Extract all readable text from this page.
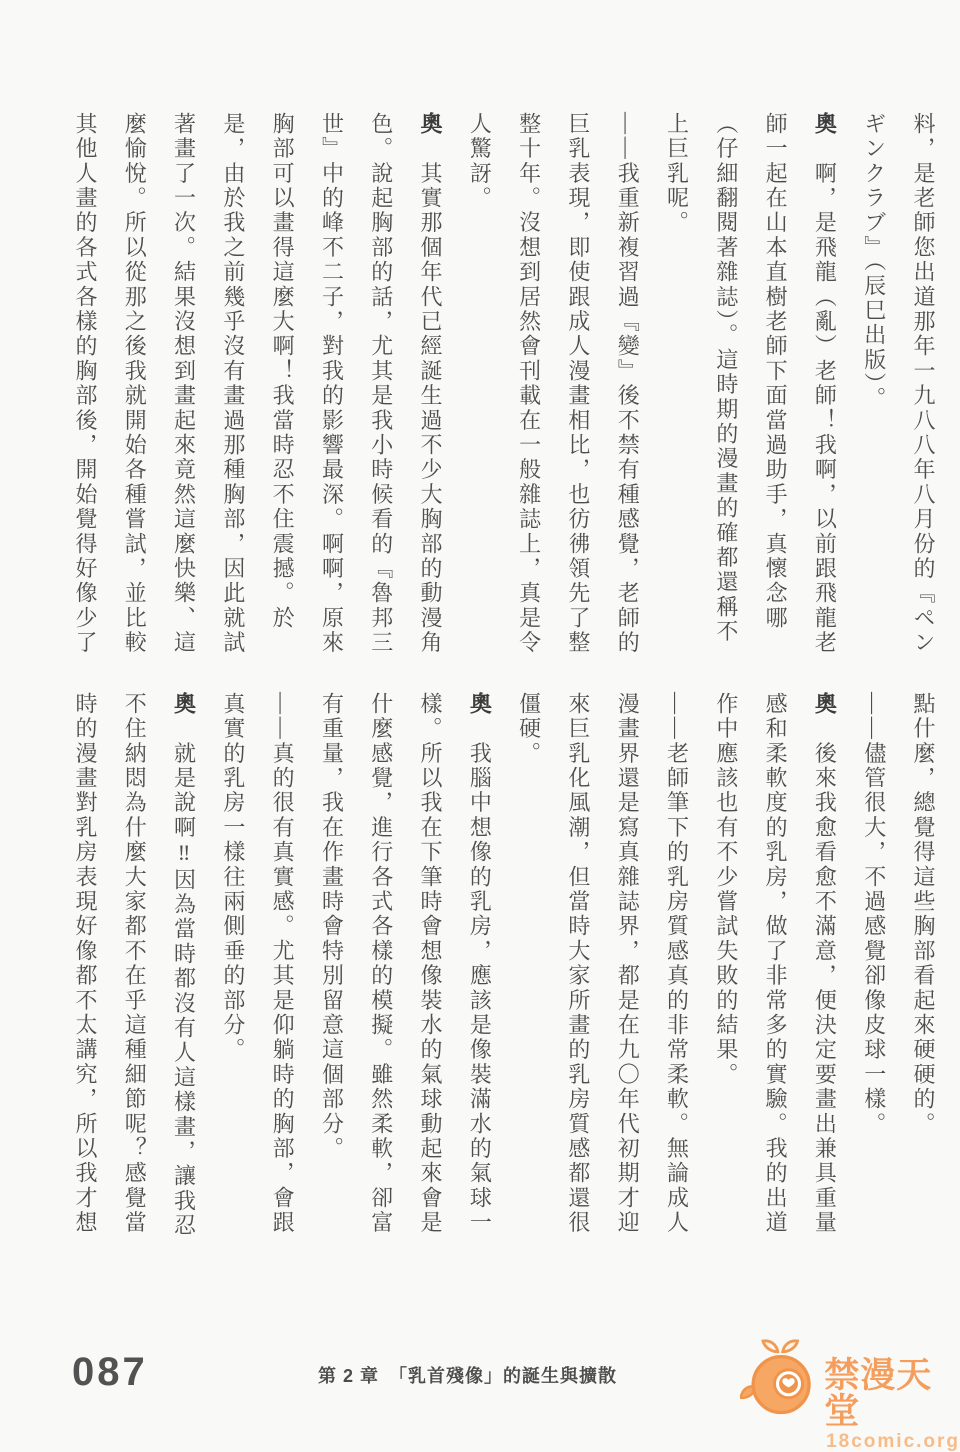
料，是老師您出道那年一九八八年八月份的『ペン
ギンクラブ』（辰巳出版）。
奧　啊，是飛龍（亂）老師！我啊，以前跟飛龍老
師一起在山本直樹老師下面當過助手，真懷念哪
（仔細翻閱著雜誌）。這時期的漫畫的確都還稱不
上巨乳呢。
——我重新複習過『變』後不禁有種感覺，老師的
巨乳表現，即使跟成人漫畫相比，也彷彿領先了整
整十年。沒想到居然會刊載在一般雜誌上，真是令
人驚訝。
奧　其實那個年代已經誕生過不少大胸部的動漫角
色。說起胸部的話，尤其是我小時候看的『魯邦三
世』中的峰不二子，對我的影響最深。啊啊，原來
胸部可以畫得這麼大啊！我當時忍不住震撼。於
是，由於我之前幾乎沒有畫過那種胸部，因此就試
著畫了一次。結果沒想到畫起來竟然這麼快樂、這
麼愉悅。所以從那之後我就開始各種嘗試，並比較
其他人畫的各式各樣的胸部後，開始覺得好像少了
點什麼，總覺得這些胸部看起來硬硬的。
——儘管很大，不過感覺卻像皮球一樣。
奧　後來我愈看愈不滿意，便決定要畫出兼具重量
感和柔軟度的乳房，做了非常多的實驗。我的出道
作中應該也有不少嘗試失敗的結果。
——老師筆下的乳房質感真的非常柔軟。無論成人
漫畫界還是寫真雜誌界，都是在九〇年代初期才迎
來巨乳化風潮，但當時大家所畫的乳房質感都還很
僵硬。
奧　我腦中想像的乳房，應該是像裝滿水的氣球一
樣。所以我在下筆時會想像裝水的氣球動起來會是
什麼感覺，進行各式各樣的模擬。雖然柔軟，卻富
有重量，我在作畫時會特別留意這個部分。
——真的很有真實感。尤其是仰躺時的胸部，會跟
真實的乳房一樣往兩側垂的部分。
奧　就是說啊‼因為當時都沒有人這樣畫，讓我忍
不住納悶為什麼大家都不在乎這種細節呢？感覺當
時的漫畫對乳房表現好像都不太講究，所以我才想
087	第 2 章　「乳首殘像」的誕生與擴散	禁漫天堂
18comic.org
